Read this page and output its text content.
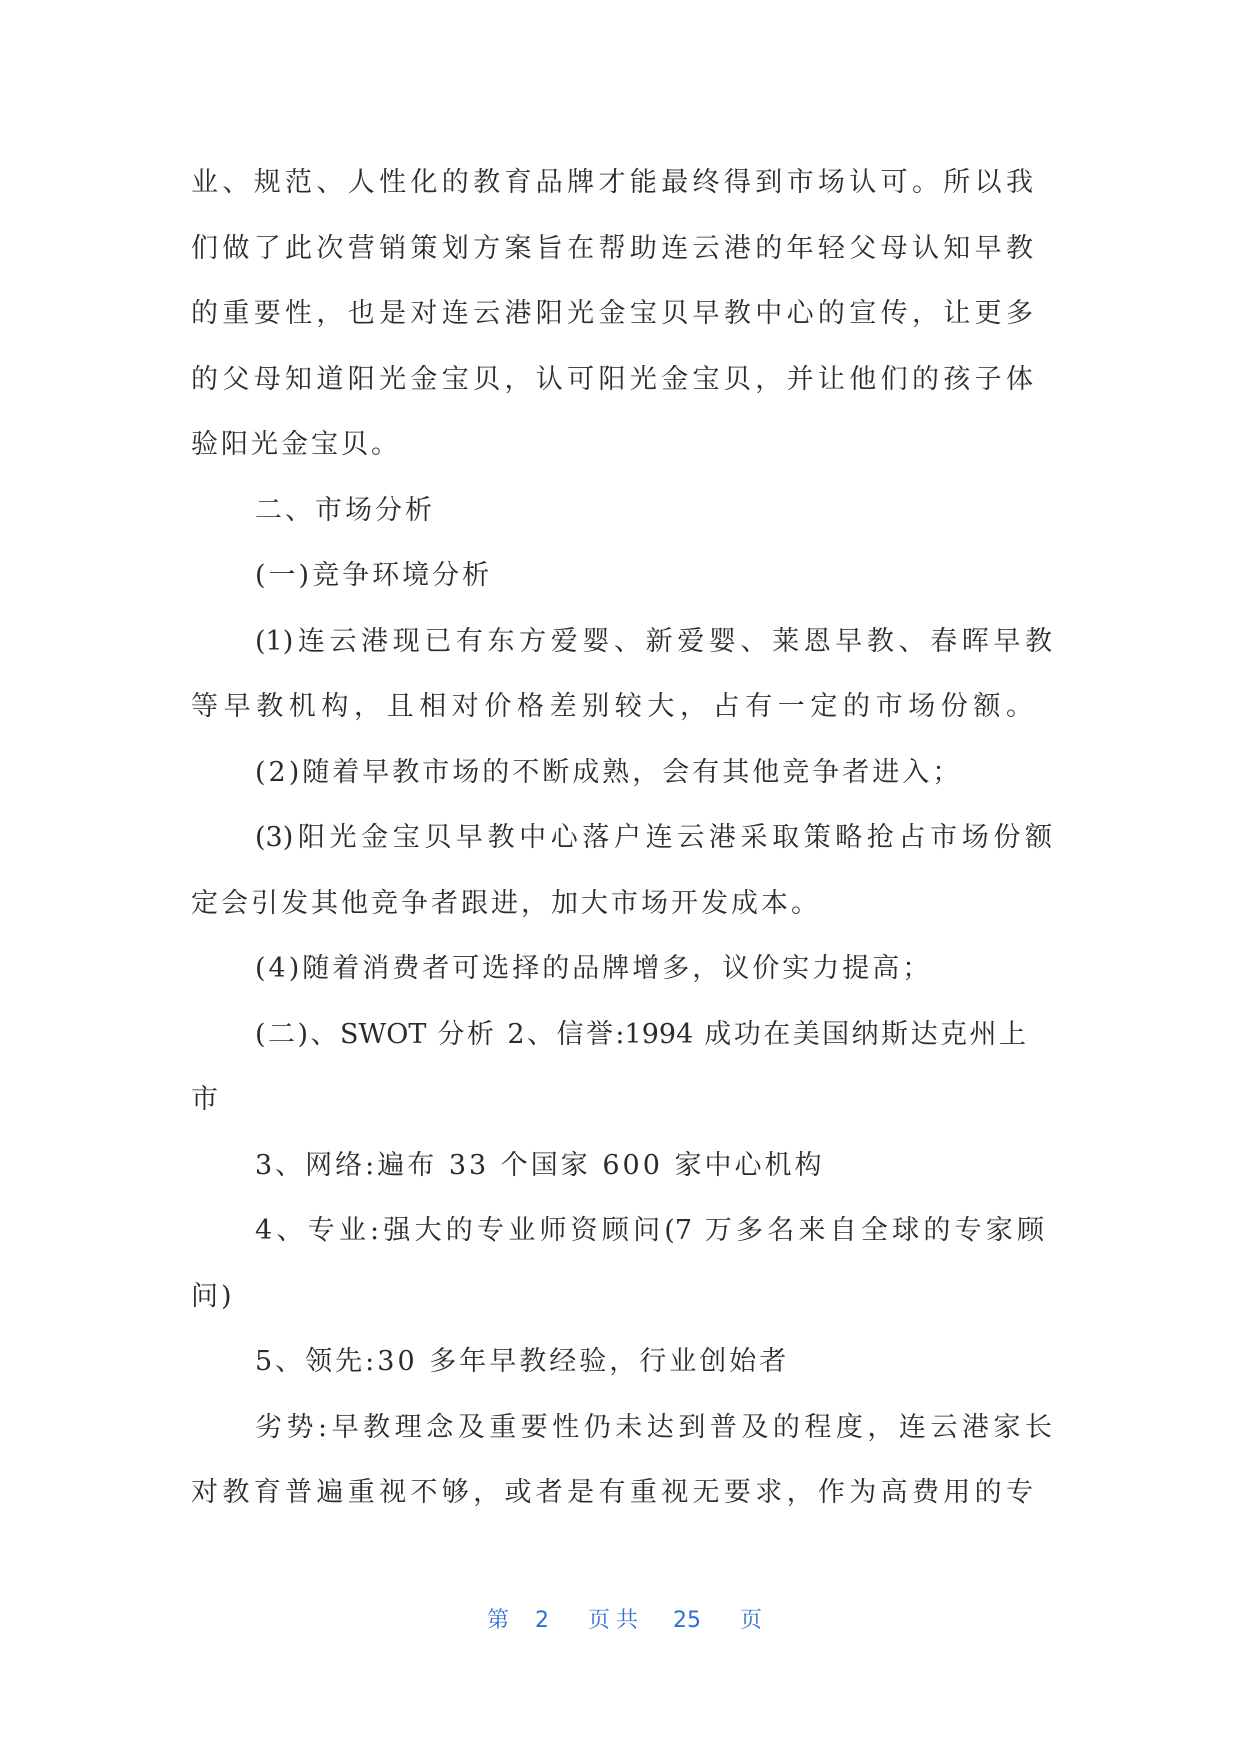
业、规范、人性化的教育品牌才能最终得到市场认可。所以我
们做了此次营销策划方案旨在帮助连云港的年轻父母认知早教
的重要性，也是对连云港阳光金宝贝早教中心的宣传，让更多
的父母知道阳光金宝贝，认可阳光金宝贝，并让他们的孩子体
验阳光金宝贝。
二、市场分析
(一)竞争环境分析
(1)连云港现已有东方爱婴、新爱婴、莱恩早教、春晖早教
等早教机构，且相对价格差别较大，占有一定的市场份额。
(2)随着早教市场的不断成熟，会有其他竞争者进入；
(3)阳光金宝贝早教中心落户连云港采取策略抢占市场份额
定会引发其他竞争者跟进，加大市场开发成本。
(4)随着消费者可选择的品牌增多，议价实力提高；
(二)、SWOT 分析 2、信誉:1994 成功在美国纳斯达克州上
市
3、网络:遍布 33 个国家 600 家中心机构
4、专业:强大的专业师资顾问(7 万多名来自全球的专家顾
问)
5、领先:30 多年早教经验，行业创始者
劣势:早教理念及重要性仍未达到普及的程度，连云港家长
对教育普遍重视不够，或者是有重视无要求，作为高费用的专
第 2 页共 25 页
